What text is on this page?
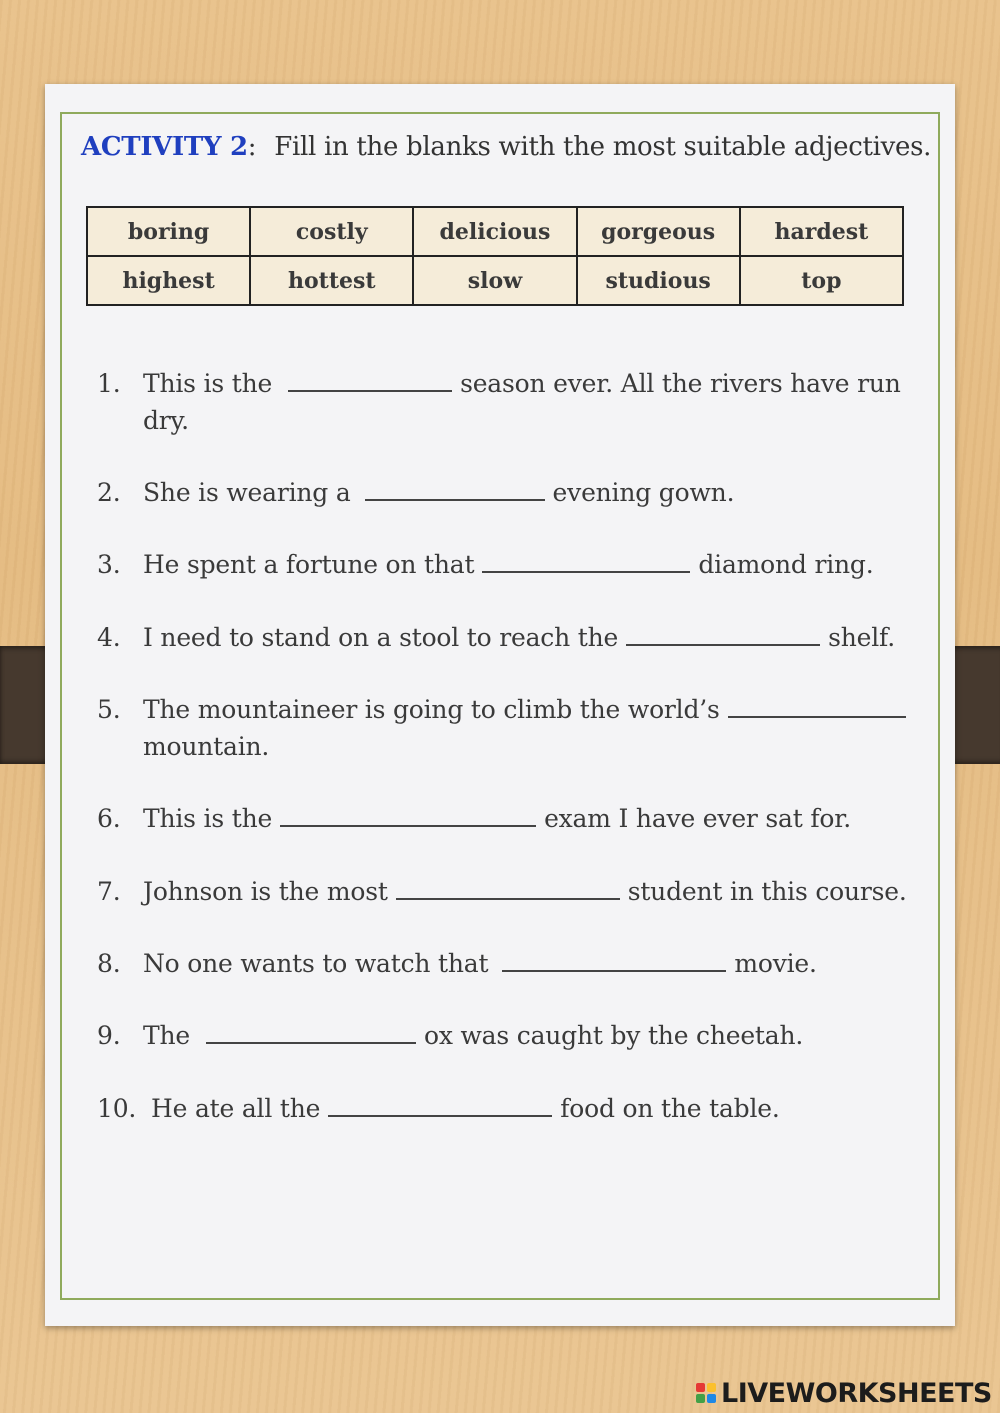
ACTIVITY 2: Fill in the blanks with the most suitable adjectives.
boring	costly	delicious	gorgeous	hardest
highest	hottest	slow	studious	top
1. This is the	season ever. All the rivers have run
dry.
2. She is wearing a	evening gown.
3. He spent a fortune on that	diamond ring.
4. I need to stand on a stool to reach the	shelf.
5. The mountaineer is going to climb the world’s
mountain.
6. This is the	exam I have ever sat for.
7. Johnson is the most	student in this course.
8. No one wants to watch that	movie.
9. The	ox was caught by the cheetah.
10. He ate all the	food on the table.
LIVEWORKSHEETS
